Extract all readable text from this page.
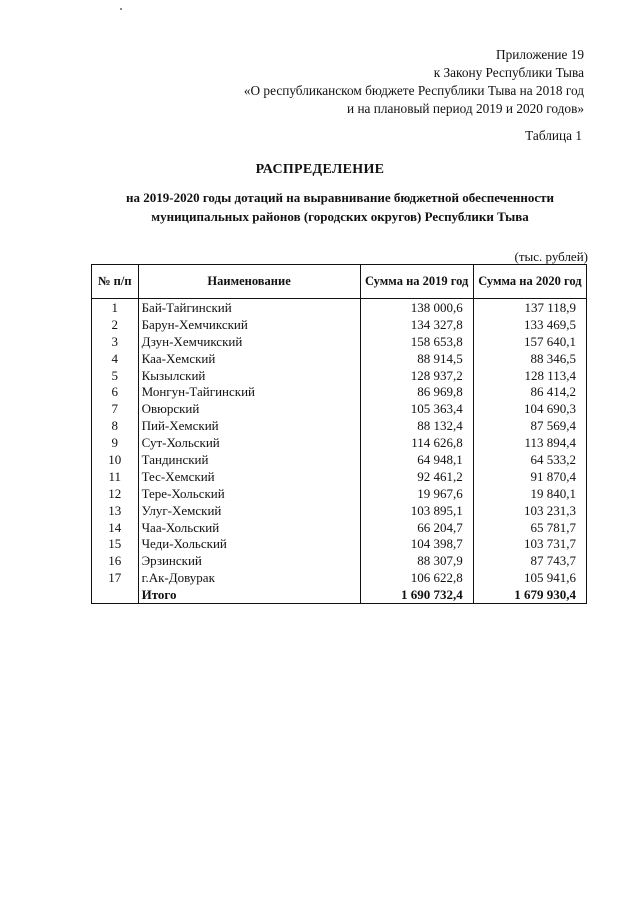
Приложение 19
к Закону Республики Тыва
«О республиканском бюджете Республики Тыва на 2018 год
и на плановый период 2019 и 2020 годов»
Таблица 1
РАСПРЕДЕЛЕНИЕ
на 2019-2020 годы дотаций на выравнивание бюджетной обеспеченности
муниципальных районов (городских округов) Республики Тыва
(тыс. рублей)
№ п/п	Наименование	Сумма на 2019 год	Сумма на 2020 год
1	Бай-Тайгинский	138 000,6	137 118,9
2	Барун-Хемчикский	134 327,8	133 469,5
3	Дзун-Хемчикский	158 653,8	157 640,1
4	Каа-Хемский	88 914,5	88 346,5
5	Кызылский	128 937,2	128 113,4
6	Монгун-Тайгинский	86 969,8	86 414,2
7	Овюрский	105 363,4	104 690,3
8	Пий-Хемский	88 132,4	87 569,4
9	Сут-Хольский	114 626,8	113 894,4
10	Тандинский	64 948,1	64 533,2
11	Тес-Хемский	92 461,2	91 870,4
12	Тере-Хольский	19 967,6	19 840,1
13	Улуг-Хемский	103 895,1	103 231,3
14	Чаа-Хольский	66 204,7	65 781,7
15	Чеди-Хольский	104 398,7	103 731,7
16	Эрзинский	88 307,9	87 743,7
17	г.Ак-Довурак	106 622,8	105 941,6
	Итого	1 690 732,4	1 679 930,4
